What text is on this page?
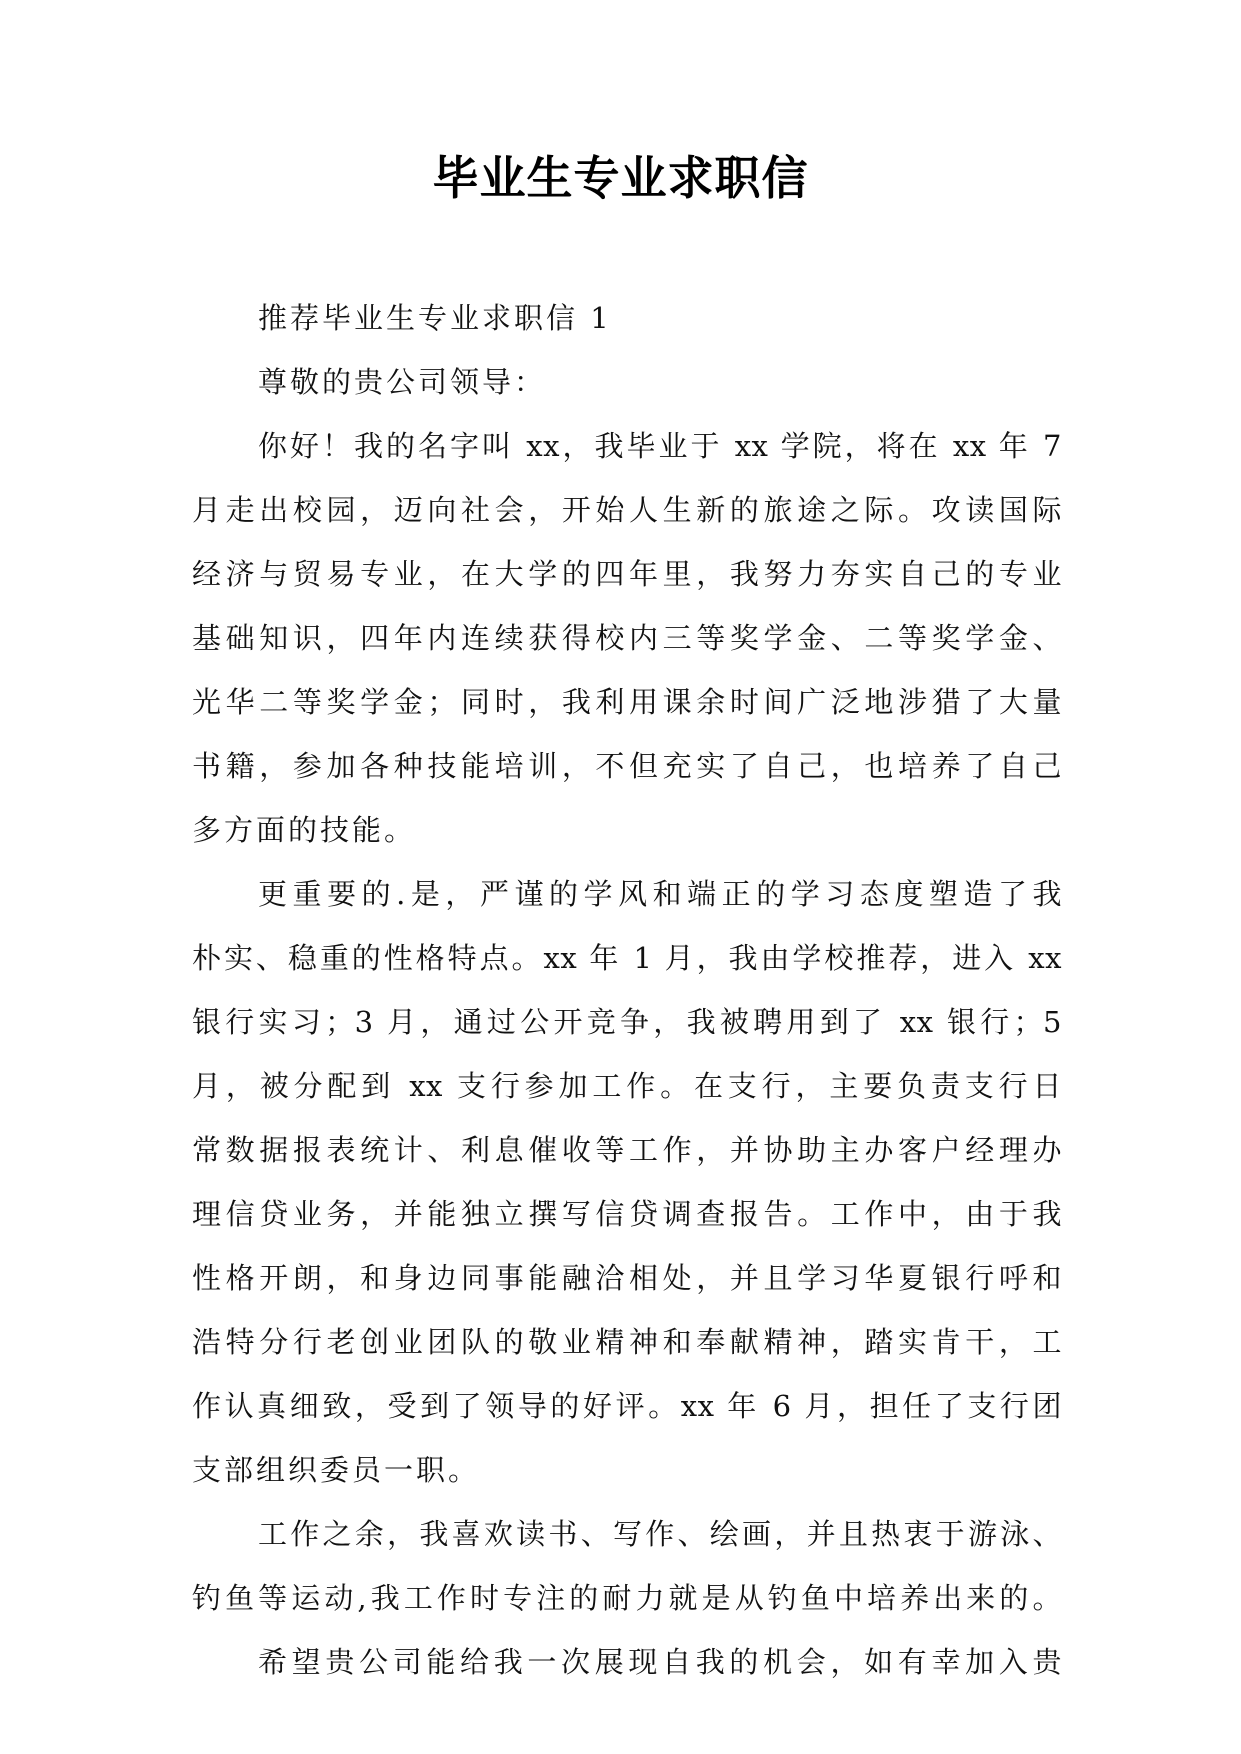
毕业生专业求职信
推荐毕业生专业求职信 1
尊敬的贵公司领导：
你好！我的名字叫 xx，我毕业于 xx 学院，将在 xx 年 7
月走出校园，迈向社会，开始人生新的旅途之际。攻读国际
经济与贸易专业，在大学的四年里，我努力夯实自己的专业
基础知识，四年内连续获得校内三等奖学金、二等奖学金、
光华二等奖学金；同时，我利用课余时间广泛地涉猎了大量
书籍，参加各种技能培训，不但充实了自己，也培养了自己
多方面的技能。
更重要的.是，严谨的学风和端正的学习态度塑造了我
朴实、稳重的性格特点。xx 年 1 月，我由学校推荐，进入 xx
银行实习；3 月，通过公开竞争，我被聘用到了 xx 银行；5
月，被分配到 xx 支行参加工作。在支行，主要负责支行日
常数据报表统计、利息催收等工作，并协助主办客户经理办
理信贷业务，并能独立撰写信贷调查报告。工作中，由于我
性格开朗，和身边同事能融洽相处，并且学习华夏银行呼和
浩特分行老创业团队的敬业精神和奉献精神，踏实肯干，工
作认真细致，受到了领导的好评。xx 年 6 月，担任了支行团
支部组织委员一职。
工作之余，我喜欢读书、写作、绘画，并且热衷于游泳、
钓鱼等运动,我工作时专注的耐力就是从钓鱼中培养出来的。
希望贵公司能给我一次展现自我的机会，如有幸加入贵
